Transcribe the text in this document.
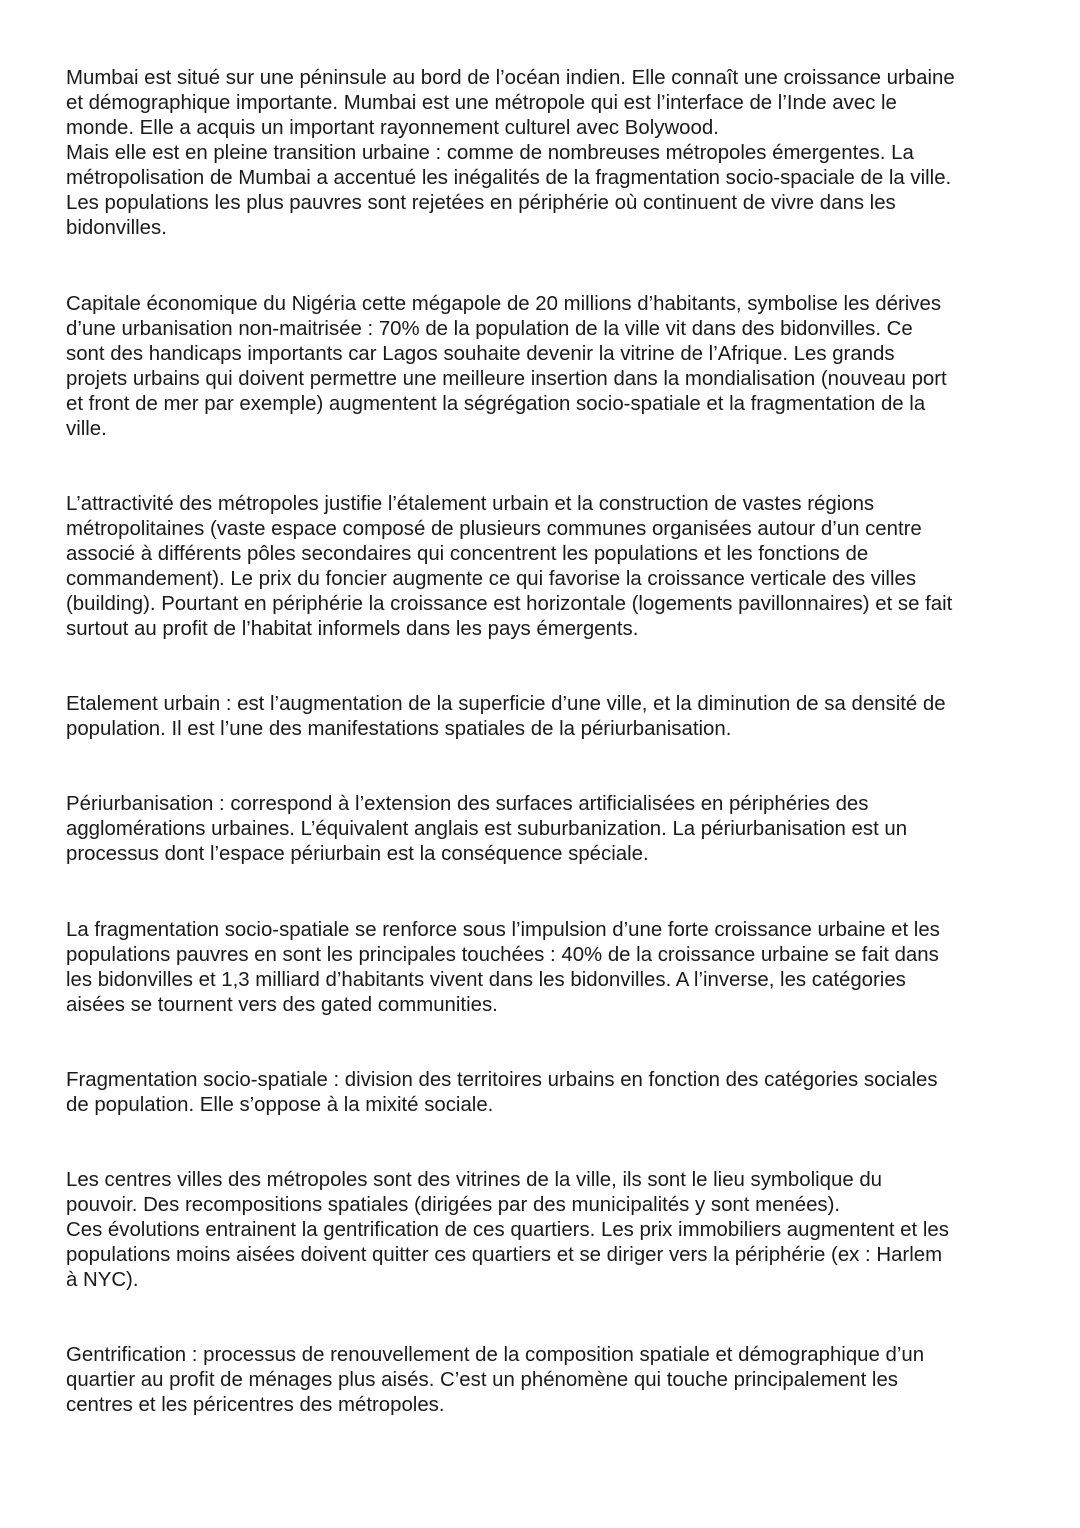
Mumbai est situé sur une péninsule au bord de l’océan indien. Elle connaît une croissance urbaine
et démographique importante. Mumbai est une métropole qui est l’interface de l’Inde avec le
monde. Elle a acquis un important rayonnement culturel avec Bolywood.
Mais elle est en pleine transition urbaine : comme de nombreuses métropoles émergentes. La
métropolisation de Mumbai a accentué les inégalités de la fragmentation socio-spaciale de la ville.
Les populations les plus pauvres sont rejetées en périphérie où continuent de vivre dans les
bidonvilles.
Capitale économique du Nigéria cette mégapole de 20 millions d’habitants, symbolise les dérives
d’une urbanisation non-maitrisée : 70% de la population de la ville vit dans des bidonvilles. Ce
sont des handicaps importants car Lagos souhaite devenir la vitrine de l’Afrique. Les grands
projets urbains qui doivent permettre une meilleure insertion dans la mondialisation (nouveau port
et front de mer par exemple) augmentent la ségrégation socio-spatiale et la fragmentation de la
ville.
L’attractivité des métropoles justifie l’étalement urbain et la construction de vastes régions
métropolitaines (vaste espace composé de plusieurs communes organisées autour d’un centre
associé à différents pôles secondaires qui concentrent les populations et les fonctions de
commandement). Le prix du foncier augmente ce qui favorise la croissance verticale des villes
(building). Pourtant en périphérie la croissance est horizontale (logements pavillonnaires) et se fait
surtout au profit de l’habitat informels dans les pays émergents.
Etalement urbain : est l’augmentation de la superficie d’une ville, et la diminution de sa densité de
population. Il est l’une des manifestations spatiales de la périurbanisation.
Périurbanisation : correspond à l’extension des surfaces artificialisées en périphéries des
agglomérations urbaines. L’équivalent anglais est suburbanization. La périurbanisation est un
processus dont l’espace périurbain est la conséquence spéciale.
La fragmentation socio-spatiale se renforce sous l’impulsion d’une forte croissance urbaine et les
populations pauvres en sont les principales touchées : 40% de la croissance urbaine se fait dans
les bidonvilles et 1,3 milliard d’habitants vivent dans les bidonvilles. A l’inverse, les catégories
aisées se tournent vers des gated communities.
Fragmentation socio-spatiale : division des territoires urbains en fonction des catégories sociales
de population. Elle s’oppose à la mixité sociale.
Les centres villes des métropoles sont des vitrines de la ville, ils sont le lieu symbolique du
pouvoir. Des recompositions spatiales (dirigées par des municipalités y sont menées).
Ces évolutions entrainent la gentrification de ces quartiers. Les prix immobiliers augmentent et les
populations moins aisées doivent quitter ces quartiers et se diriger vers la périphérie (ex : Harlem
à NYC).
Gentrification : processus de renouvellement de la composition spatiale et démographique d’un
quartier au profit de ménages plus aisés. C’est un phénomène qui touche principalement les
centres et les péricentres des métropoles.
